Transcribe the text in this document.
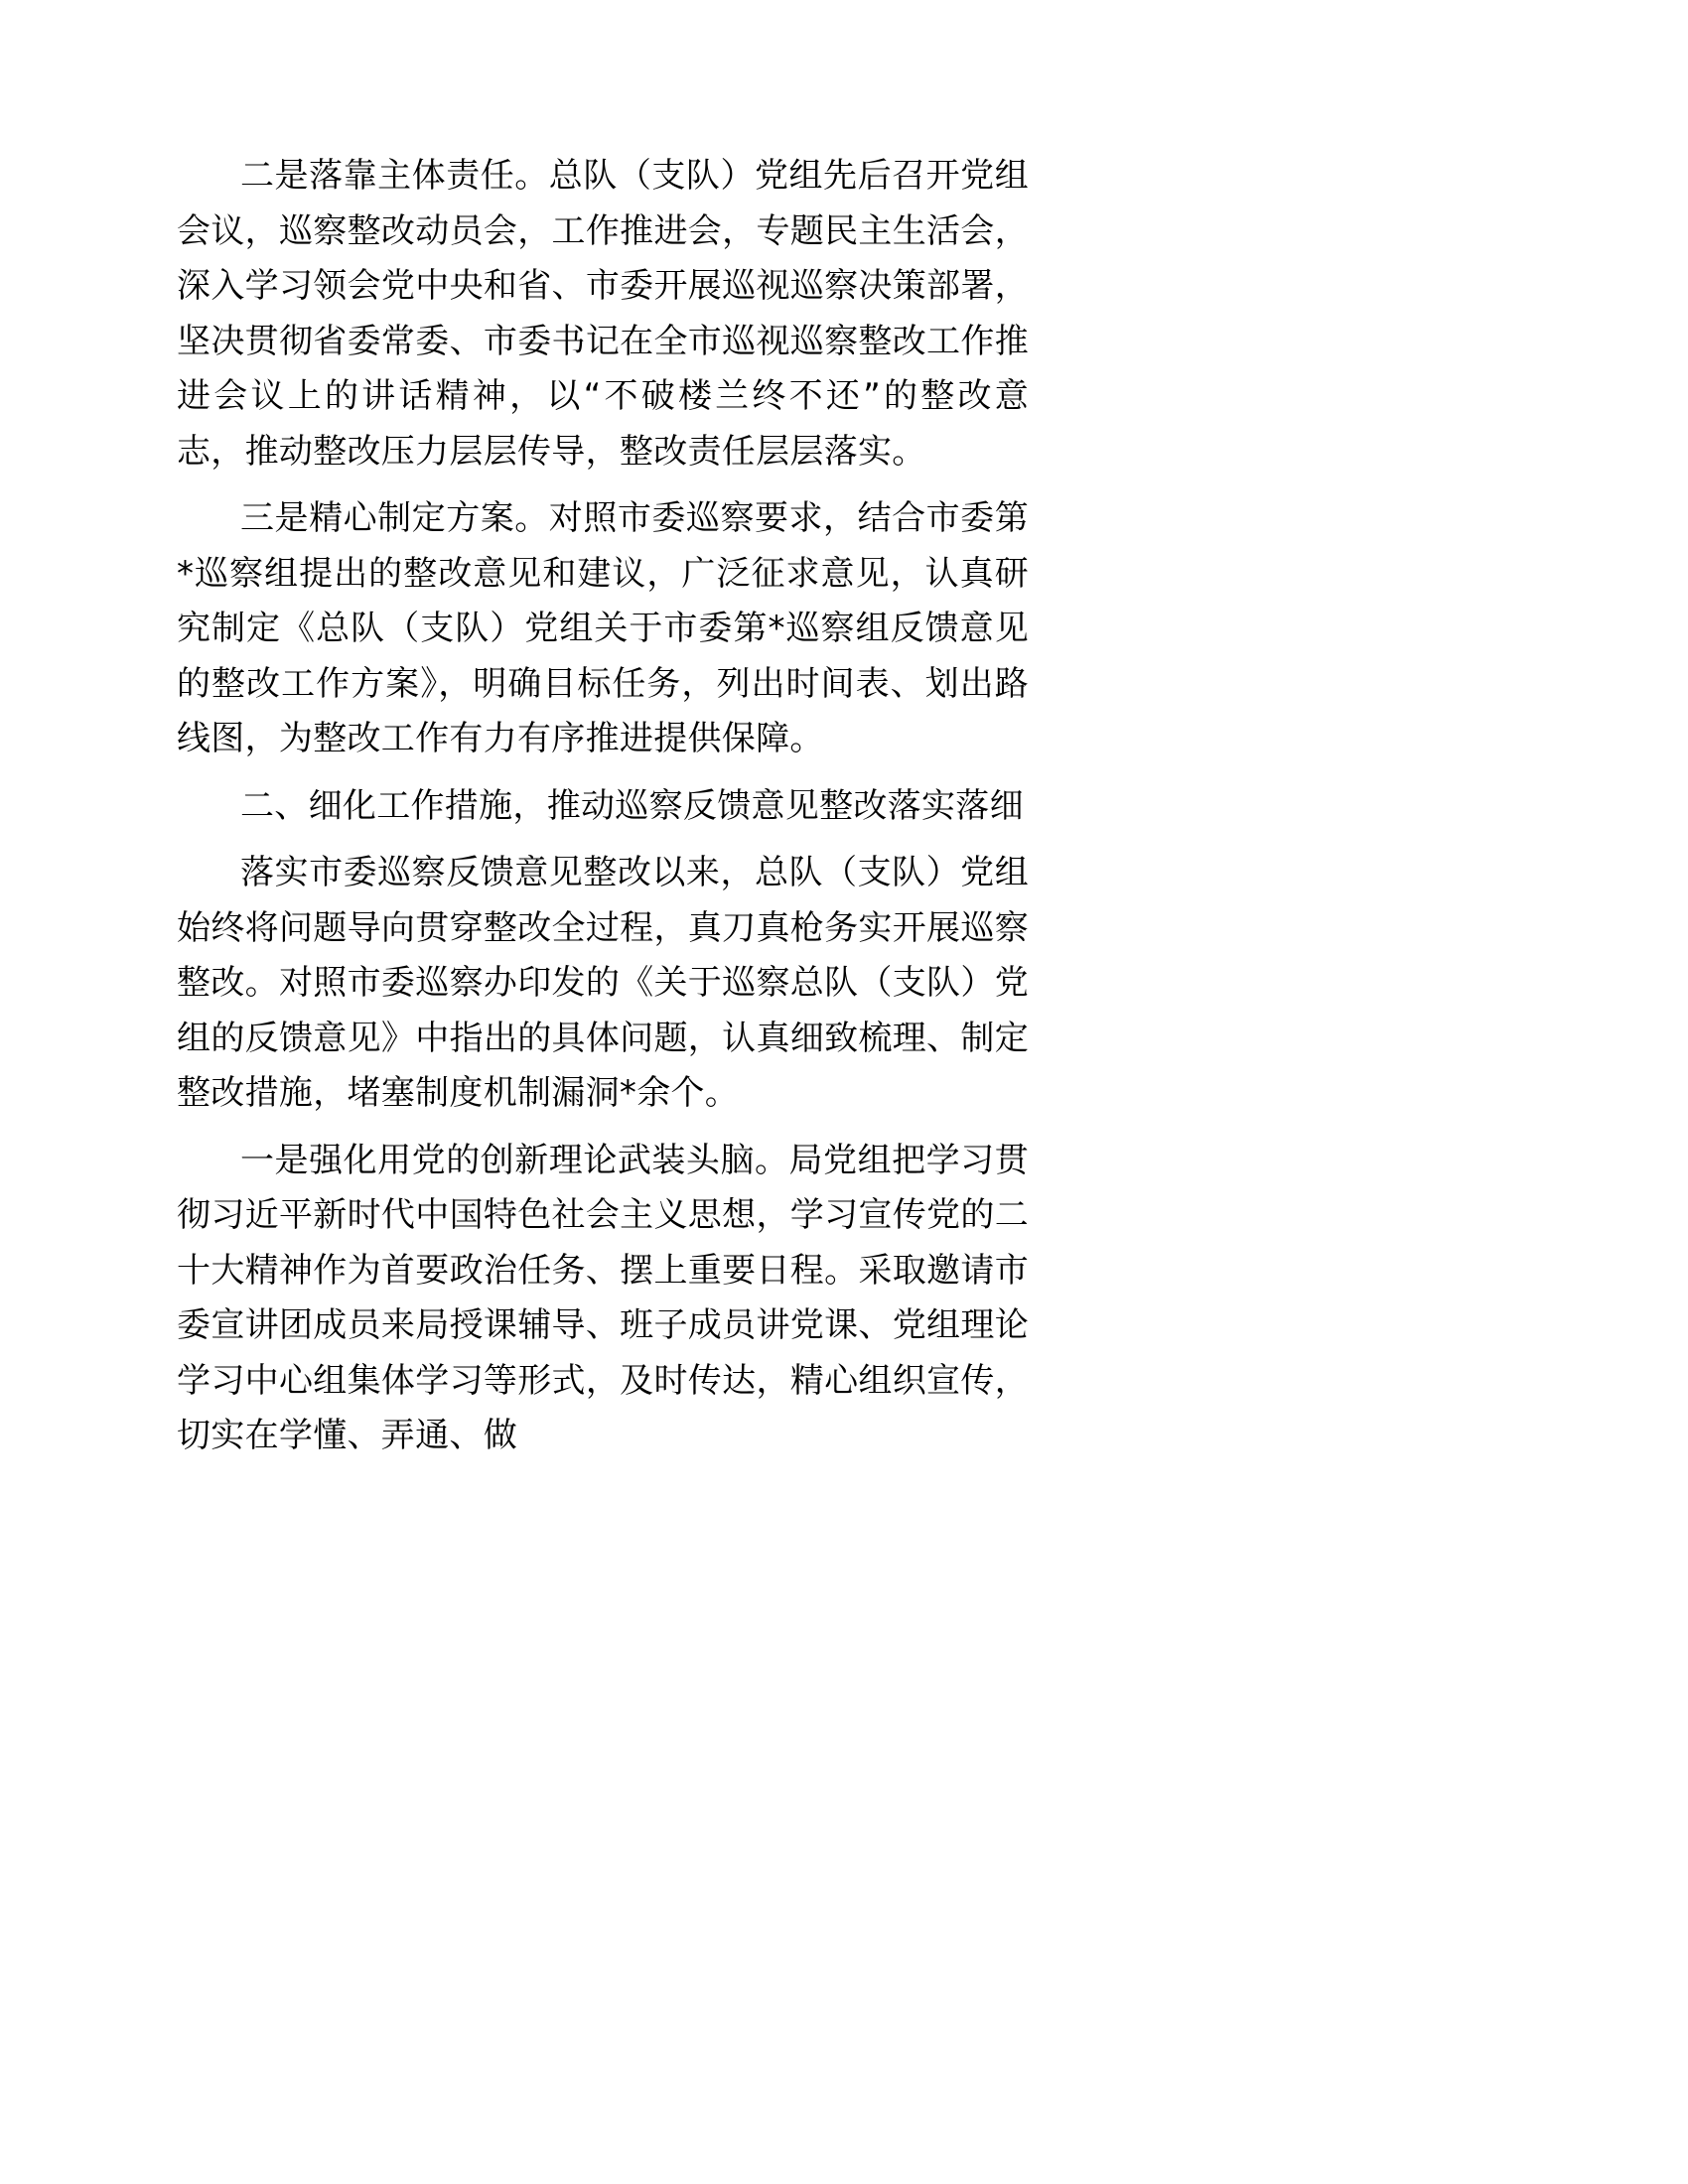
二是落靠主体责任。总队（支队）党组先后召开党组会议，巡察整改动员会，工作推进会，专题民主生活会，深入学习领会党中央和省、市委开展巡视巡察决策部署，坚决贯彻省委常委、市委书记在全市巡视巡察整改工作推进会议上的讲话精神，以“不破楼兰终不还”的整改意志，推动整改压力层层传导，整改责任层层落实。

三是精心制定方案。对照市委巡察要求，结合市委第*巡察组提出的整改意见和建议，广泛征求意见，认真研究制定《总队（支队）党组关于市委第*巡察组反馈意见的整改工作方案》，明确目标任务，列出时间表、划出路线图，为整改工作有力有序推进提供保障。

二、细化工作措施，推动巡察反馈意见整改落实落细

落实市委巡察反馈意见整改以来，总队（支队）党组始终将问题导向贯穿整改全过程，真刀真枪务实开展巡察整改。对照市委巡察办印发的《关于巡察总队（支队）党组的反馈意见》中指出的具体问题，认真细致梳理、制定整改措施，堵塞制度机制漏洞*余个。

一是强化用党的创新理论武装头脑。局党组把学习贯彻习近平新时代中国特色社会主义思想，学习宣传党的二十大精神作为首要政治任务、摆上重要日程。采取邀请市委宣讲团成员来局授课辅导、班子成员讲党课、党组理论学习中心组集体学习等形式，及时传达，精心组织宣传，切实在学懂、弄通、做
